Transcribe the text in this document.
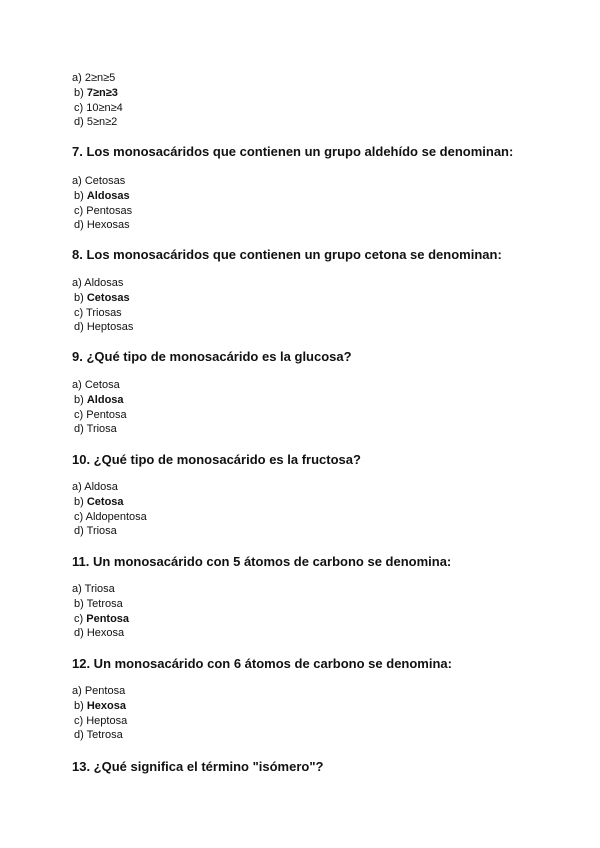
a) 2≥n≥5
b) 7≥n≥3
c) 10≥n≥4
d) 5≥n≥2
7. Los monosacáridos que contienen un grupo aldehído se denominan:
a) Cetosas
b) Aldosas
c) Pentosas
d) Hexosas
8. Los monosacáridos que contienen un grupo cetona se denominan:
a) Aldosas
b) Cetosas
c) Triosas
d) Heptosas
9. ¿Qué tipo de monosacárido es la glucosa?
a) Cetosa
b) Aldosa
c) Pentosa
d) Triosa
10. ¿Qué tipo de monosacárido es la fructosa?
a) Aldosa
b) Cetosa
c) Aldopentosa
d) Triosa
11. Un monosacárido con 5 átomos de carbono se denomina:
a) Triosa
b) Tetrosa
c) Pentosa
d) Hexosa
12. Un monosacárido con 6 átomos de carbono se denomina:
a) Pentosa
b) Hexosa
c) Heptosa
d) Tetrosa
13. ¿Qué significa el término "isómero"?
